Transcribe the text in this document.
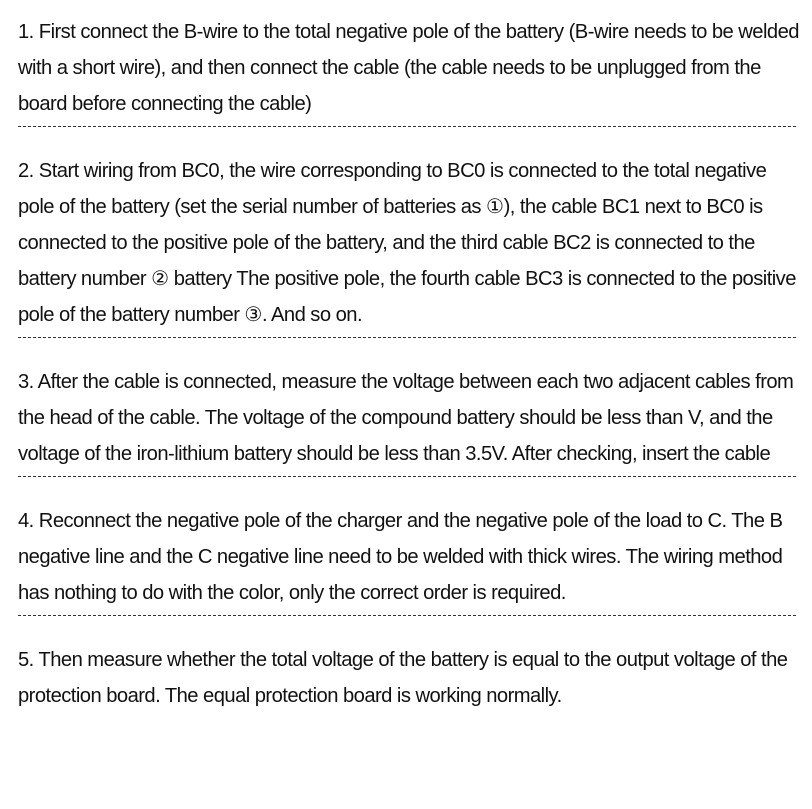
1. First connect the B-wire to the total negative pole of the battery (B-wire needs to be welded with a short wire), and then connect the cable (the cable needs to be unplugged from the board before connecting the cable)

2. Start wiring from BC0, the wire corresponding to BC0 is connected to the total negative pole of the battery (set the serial number of batteries as ①), the cable BC1 next to BC0 is connected to the positive pole of the battery, and the third cable BC2 is connected to the battery number ② battery The positive pole, the fourth cable BC3 is connected to the positive pole of the battery number ③. And so on.

3. After the cable is connected, measure the voltage between each two adjacent cables from the head of the cable. The voltage of the compound battery should be less than V, and the voltage of the iron-lithium battery should be less than 3.5V. After checking, insert the cable

4. Reconnect the negative pole of the charger and the negative pole of the load to C. The B negative line and the C negative line need to be welded with thick wires. The wiring method has nothing to do with the color, only the correct order is required.

5. Then measure whether the total voltage of the battery is equal to the output voltage of the protection board. The equal protection board is working normally.
